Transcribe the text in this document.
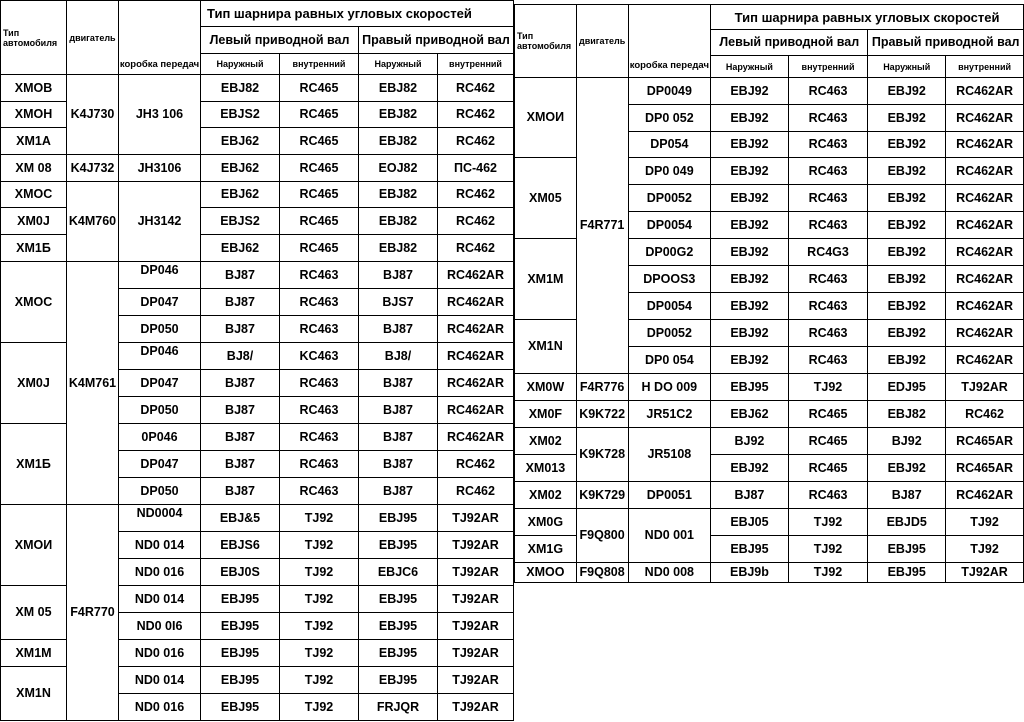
Тип автомобиля	двигатель	коробка передач	Тип шарнира равных угловых скоростей			
			Левый приводной вал		Правый приводной вал	
			Наружный	внутренний	Наружный	внутренний
XMOB	K4J730	JH3 106	EBJ82	RC465	EBJ82	RC462
XMOH			EBJS2	RC465	EBJ82	RC462
XM1A			EBJ62	RC465	EBJ82	RC462
XM 08	K4J732	JH3106	EBJ62	RC465	EOJ82	ПС-462
XMOC	K4M760	JH3142	EBJ62	RC465	EBJ82	RC462
XM0J			EBJS2	RC465	EBJ82	RC462
XM1Б			EBJ62	RC465	EBJ82	RC462
XMOC	K4M761	DP046	BJ87	RC463	BJ87	RC462AR
		DP047	BJ87	RC463	BJS7	RC462AR
		DP050	BJ87	RC463	BJ87	RC462AR
XM0J		DP046	BJ8/	KC463	BJ8/	RC462AR
		DP047	BJ87	RC463	BJ87	RC462AR
		DP050	BJ87	RC463	BJ87	RC462AR
XM1Б		0P046	BJ87	RC463	BJ87	RC462AR
		DP047	BJ87	RC463	BJ87	RC462
		DP050	BJ87	RC463	BJ87	RC462
XMOИ	F4R770	ND0004	EBJ&5	TJ92	EBJ95	TJ92AR
		ND0 014	EBJS6	TJ92	EBJ95	TJ92AR
		ND0 016	EBJ0S	TJ92	EBJC6	TJ92AR
XM 05		ND0 014	EBJ95	TJ92	EBJ95	TJ92AR
		ND0 0I6	EBJ95	TJ92	EBJ95	TJ92AR
XM1M		ND0 016	EBJ95	TJ92	EBJ95	TJ92AR
XM1N		ND0 014	EBJ95	TJ92	EBJ95	TJ92AR
		ND0 016	EBJ95	TJ92	FRJQR	TJ92AR
Тип автомобиля	двигатель	коробка передач	Тип шарнира равных угловых скоростей			
			Левый приводной вал		Правый приводной вал	
			Наружный	внутренний	Наружный	внутренний
XMOИ	F4R771	DP0049	EBJ92	RC463	EBJ92	RC462AR
		DP0 052	EBJ92	RC463	EBJ92	RC462AR
		DP054	EBJ92	RC463	EBJ92	RC462AR
XM05		DP0 049	EBJ92	RC463	EBJ92	RC462AR
		DP0052	EBJ92	RC463	EBJ92	RC462AR
		DP0054	EBJ92	RC463	EBJ92	RC462AR
XM1M		DP00G2	EBJ92	RC4G3	EBJ92	RC462AR
		DPOOS3	EBJ92	RC463	EBJ92	RC462AR
		DP0054	EBJ92	RC463	EBJ92	RC462AR
XM1N		DP0052	EBJ92	RC463	EBJ92	RC462AR
		DP0 054	EBJ92	RC463	EBJ92	RC462AR
XM0W	F4R776	H DO 009	EBJ95	TJ92	EDJ95	TJ92AR
XM0F	K9K722	JR51C2	EBJ62	RC465	EBJ82	RC462
XM02	K9K728	JR5108	BJ92	RC465	BJ92	RC465AR
XM013			EBJ92	RC465	EBJ92	RC465AR
XM02	K9K729	DP0051	BJ87	RC463	BJ87	RC462AR
XM0G	F9Q800	ND0 001	EBJ05	TJ92	EBJD5	TJ92
XM1G			EBJ95	TJ92	EBJ95	TJ92
XMOO	F9Q808	ND0 008	EBJ9b	TJ92	EBJ95	TJ92AR
